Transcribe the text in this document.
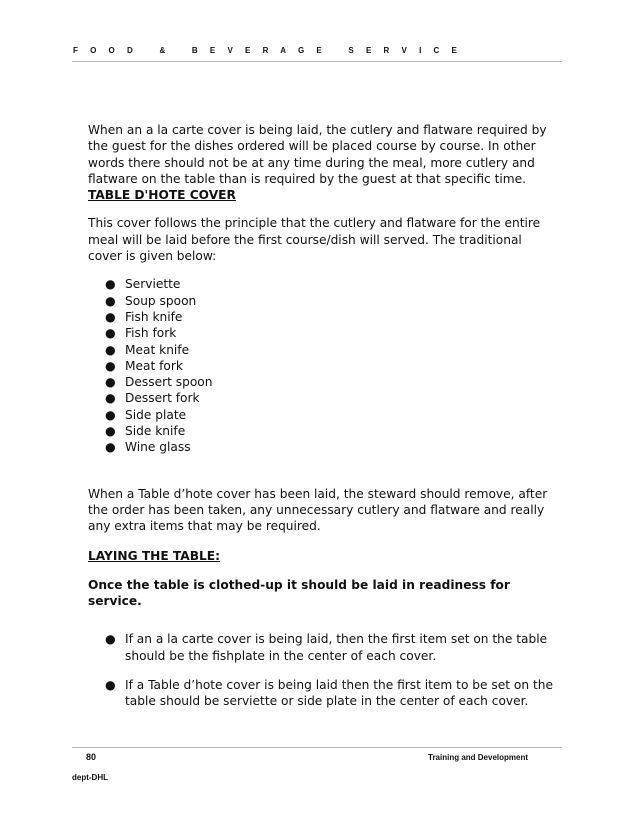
F O O D   &   B E V E R A G E   S E R V I C E

When an a la carte cover is being laid, the cutlery and flatware required by the guest for the dishes ordered will be placed course by course. In other words there should not be at any time during the meal, more cutlery and flatware on the table than is required by the guest at that specific time.

TABLE D'HOTE COVER

This cover follows the principle that the cutlery and flatware for the entire meal will be laid before the first course/dish will served. The traditional cover is given below:

● Serviette
● Soup spoon
● Fish knife
● Fish fork
● Meat knife
● Meat fork
● Dessert spoon
● Dessert fork
● Side plate
● Side knife
● Wine glass

When a Table d’hote cover has been laid, the steward should remove, after the order has been taken, any unnecessary cutlery and flatware and really any extra items that may be required.

LAYING THE TABLE:

Once the table is clothed-up it should be laid in readiness for service.

● If an a la carte cover is being laid, then the first item set on the table should be the fishplate in the center of each cover.
● If a Table d’hote cover is being laid then the first item to be set on the table should be serviette or side plate in the center of each cover.
80	Training and Development
dept-DHL
